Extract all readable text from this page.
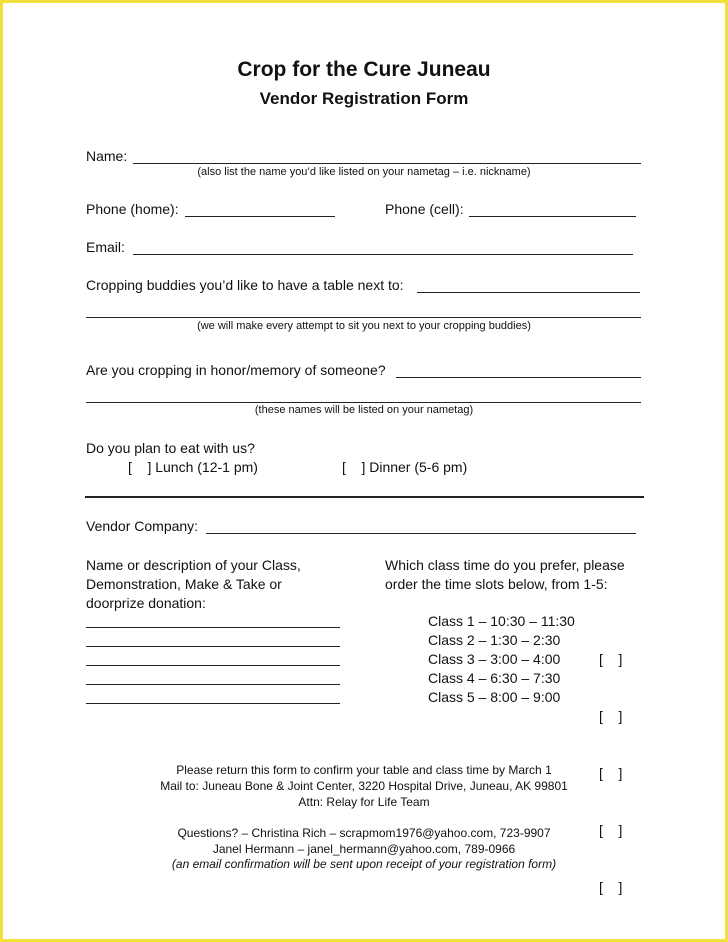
Crop for the Cure Juneau
Vendor Registration Form
Name:
(also list the name you’d like listed on your nametag – i.e. nickname)
Phone (home):	Phone (cell):
Email:
Cropping buddies you’d like to have a table next to:
(we will make every attempt to sit you next to your cropping buddies)
Are you cropping in honor/memory of someone?
(these names will be listed on your nametag)
Do you plan to eat with us?
[    ] Lunch (12-1 pm)	[    ] Dinner (5-6 pm)
Vendor Company:
Name or description of your Class,
Demonstration, Make & Take or
doorprize donation:
Which class time do you prefer, please
order the time slots below, from 1-5:
Class 1 – 10:30 – 11:30
Class 2 – 1:30 – 2:30
Class 3 – 3:00 – 4:00
Class 4 – 6:30 – 7:30
Class 5 – 8:00 – 9:00

[    ]

[    ]

[    ]

[    ]

[    ]

Please return this form to confirm your table and class time by March 1
Mail to: Juneau Bone & Joint Center, 3220 Hospital Drive, Juneau, AK 99801
Attn: Relay for Life Team
Questions? – Christina Rich – scrapmom1976@yahoo.com, 723-9907
Janel Hermann – janel_hermann@yahoo.com, 789-0966
(an email confirmation will be sent upon receipt of your registration form)
